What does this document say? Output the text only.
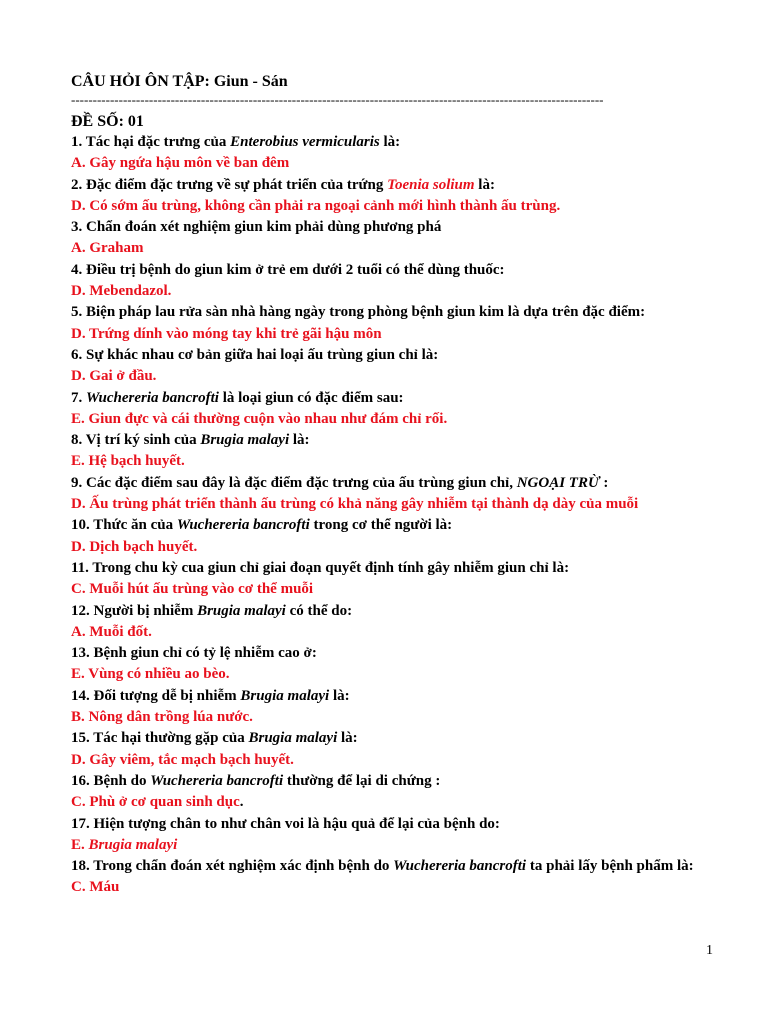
CÂU HỎI ÔN TẬP: Giun - Sán
---------------------------------------------------------------------------------------------------------------------------
ĐỀ SỐ: 01
1. Tác hại đặc trưng của Enterobius vermicularis là:
A. Gây ngứa hậu môn về ban đêm
2. Đặc điểm đặc trưng về sự phát triển của trứng Toenia solium là:
D. Có sớm ấu trùng, không cần phải ra ngoại cảnh mới hình thành ấu trùng.
3. Chẩn đoán xét nghiệm giun kim phải dùng phương phá
A. Graham
4. Điều trị bệnh do giun kim ở trẻ em dưới 2 tuổi có thể dùng thuốc:
D. Mebendazol.
5. Biện pháp lau rửa sàn nhà hàng ngày trong phòng bệnh giun kim là dựa trên đặc điểm:
D. Trứng dính vào móng tay khi trẻ gãi hậu môn
6. Sự khác nhau cơ bản giữa hai loại ấu trùng giun chỉ là:
D. Gai ở đầu.
7. Wuchereria bancrofti là loại giun có đặc điểm sau:
E. Giun đực và cái thường cuộn vào nhau như đám chỉ rối.
8. Vị trí ký sinh của Brugia malayi là:
E. Hệ bạch huyết.
9. Các đặc điểm sau đây là đặc điểm đặc trưng của ấu trùng giun chỉ, NGOẠI TRỪ :
D. Ấu trùng phát triển thành ấu trùng có khả năng gây nhiễm tại thành dạ dày của muỗi
10. Thức ăn của Wuchereria bancrofti trong cơ thể người là:
D. Dịch bạch huyết.
11. Trong chu kỳ cua giun chỉ giai đoạn quyết định tính gây nhiễm giun chỉ là:
C. Muỗi hút ấu trùng vào cơ thể muỗi
12. Người bị nhiễm Brugia malayi có thể do:
A. Muỗi đốt.
13. Bệnh giun chỉ có tỷ lệ nhiễm cao ở:
E. Vùng có nhiều ao bèo.
14. Đối tượng dễ bị nhiễm Brugia malayi là:
B. Nông dân trồng lúa nước.
15. Tác hại thường gặp của Brugia malayi là:
D. Gây viêm, tắc mạch bạch huyết.
16. Bệnh do Wuchereria bancrofti thường để lại di chứng :
C. Phù ở cơ quan sinh dục.
17. Hiện tượng chân to như chân voi là hậu quả để lại của bệnh do:
E. Brugia malayi
18. Trong chẩn đoán xét nghiệm xác định bệnh do Wuchereria bancrofti ta phải lấy bệnh phẩm là:
C. Máu
1
